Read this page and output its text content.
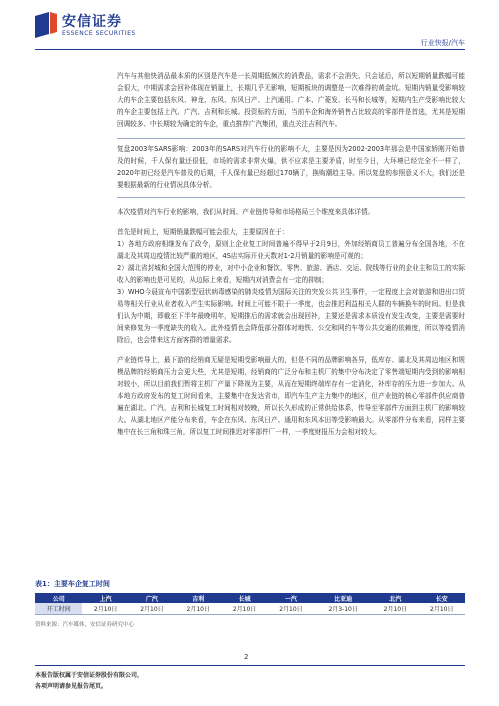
安信证券
ESSENCE SECURITIES
行业快报/汽车

汽车与其他快消品最本质的区别是汽车是一长周期低频次的消费品，需求不会消失、只会延后，所以短期销量跌幅可能会很大，中期需求会回补体现在销量上，长期几乎无影响，短期板块的调整是一次难得的黄金坑。短期内销量受影响较大的车企主要包括东风、神龙、东风、东风日产、上汽通用、广本、广菱发、长马和长城等，短期内生产受影响比较大的车企主要包括上汽、广汽、吉利和长城。投资标的方面，当前车企和海外销售占比较高的零部件是首选，尤其是短期回调较多、中长期较为确定的车企，重点推荐广汽集团，重点关注吉利汽车。

复盘2003年SARS影响：2003年的SARS对汽车行业的影响不大，主要是因为2002-2003年那会是中国家轿刚开始普及的时候，千人保有量还很低，市场的需求非常火爆，供不应求是主要矛盾，时至今日，大环境已经完全不一样了，2020年初已经是汽车普及的后期，千人保有量已经超过170辆了，换购潮趋主导。所以复盘的参照意义不大，我们还是要根据最新的行业情况具体分析。

本次疫情对汽车行业的影响，我们从时间、产业链传导和市场格局三个维度来具体详情。

首先是时间上，短期销量跌幅可能会很大，主要原因在于：

1）各地方政府相继发布了政令，原则上企业复工时间普遍不得早于2月9日，外加经销商员工普遍分布全国各地，不在湖北及其周边疫情比较严重的地区，4S店实际开业天数对1-2月销量的影响是可观的；

2）湖北省封城和全国大范围的停业，对中小企业和餐饮、零售、旅游、酒店、交运、院线等行业的企业主和员工的实际收入的影响也是可见的，从边际上来看，短期内对消费会有一定的抑制；

3）WHO今晨宣布中国新型冠状病毒感染的肺炎疫情为国际关注的突发公共卫生事件，一定程度上会对旅游和进出口贸易等相关行业从业者收入产生实际影响。时间上可能不限于一季度，也会推迟利益相关人群的车辆换车的时间。但是我们认为中期，即截至下半年最晚明年，短期推后的需求就会出现回补，主要还是需求本质没有发生改变，主要是需要时间来修复为一季度缺失的收入。此外疫情也会降低部分群体对地铁、公交和网约车等公共交通的依赖度，所以等疫情消除后，也会带来这方面客群的增量需求。

产业链传导上，最下游的经销商无疑是短期受影响最大的，但是不同的品牌影响各异，低库存、湖北及其周边地区和规模品牌的经销商压力会更大些，尤其是短期，经销商的广泛分布和主机厂的集中分布决定了零售端短期内受到的影响相对较小，所以目前我们暂将主机厂产量下降视为主要，从而在短期终端库存有一定消化，补库存的压力进一步加大。从本地方政府发布的复工时间看来，主要集中在发达省市，即汽车生产主力集中的地区，但产业链的核心零部件供应商普遍在湖北、广汽、吉利和长城复工时间相对较晚，所以长久形成的正常供给体系，传导至零部件方面到主机厂的影响较大。从湖北地区产能分布来看，车企在东风、东风日产、通用和东风本田等受影响最大。从零部件分布来看，同样主要集中在长三角和珠三角，所以复工时间推迟对零部件厂一样，一季度财报压力会相对较大。

表1：主要车企复工时间
公司	上汽	广汽	吉利	长城	一汽	比亚迪	北汽	长安
开工时间	2月10日	2月10日	2月10日	2月10日	2月10日	2月3-10日	2月10日	2月10日
资料来源：汽车媒体，安信证券研究中心
2
本报告版权属于安信证券股份有限公司，
各项声明请参见报告尾页。
